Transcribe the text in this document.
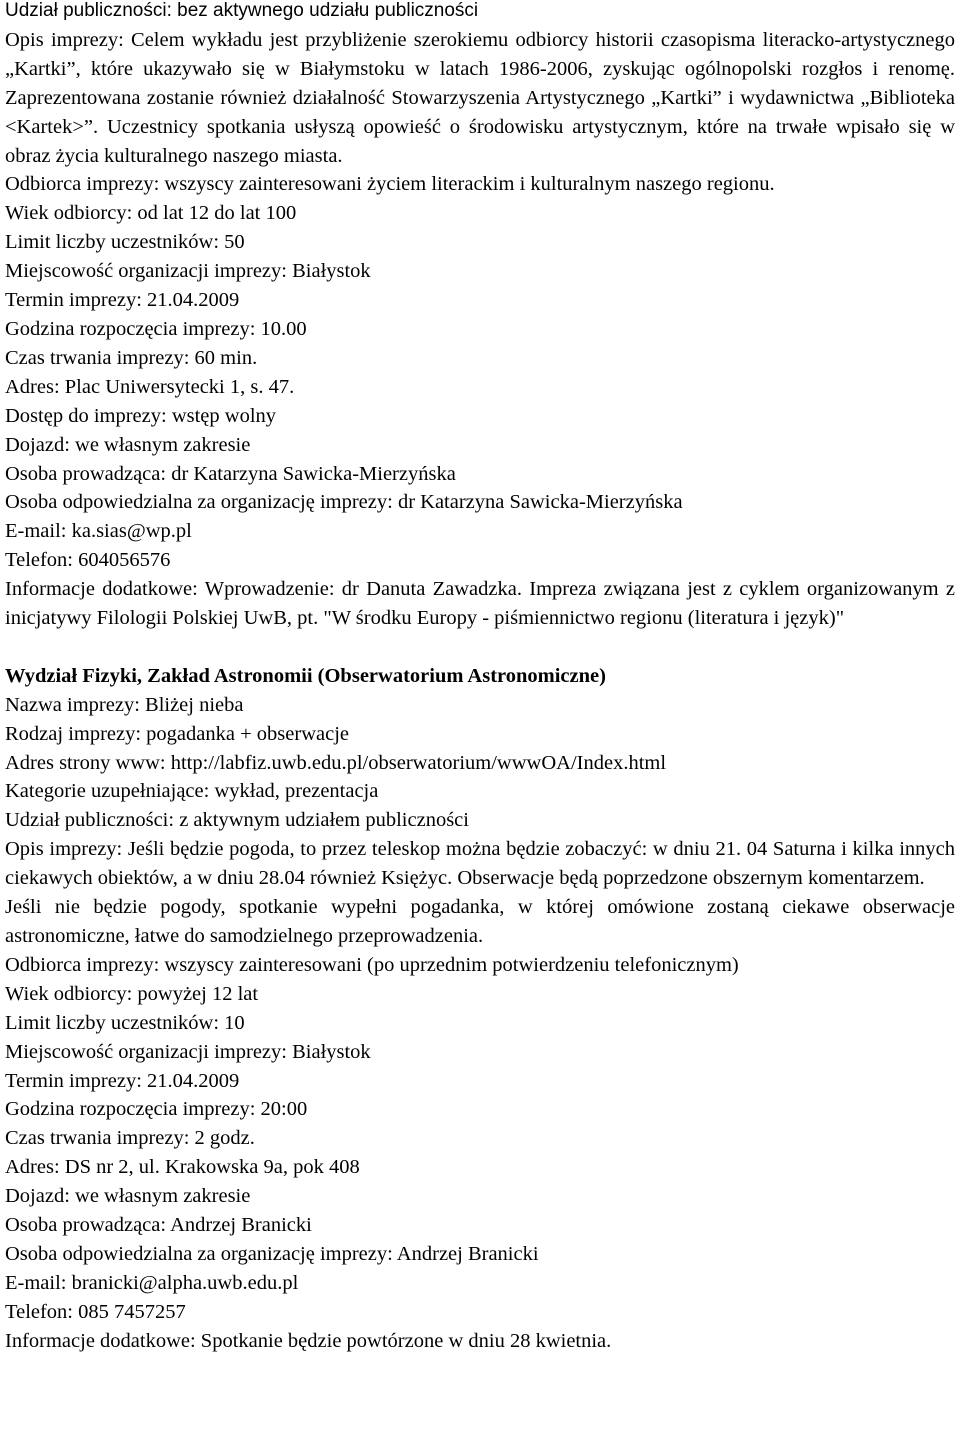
Udział publiczności: bez aktywnego udziału publiczności
Opis imprezy: Celem wykładu jest przybliżenie szerokiemu odbiorcy historii czasopisma literacko-artystycznego „Kartki”, które ukazywało się w Białymstoku w latach 1986-2006, zyskując ogólnopolski rozgłos i renomę. Zaprezentowana zostanie również działalność Stowarzyszenia Artystycznego „Kartki” i wydawnictwa „Biblioteka <Kartek>”. Uczestnicy spotkania usłyszą opowieść o środowisku artystycznym, które na trwałe wpisało się w obraz życia kulturalnego naszego miasta.
Odbiorca imprezy: wszyscy zainteresowani życiem literackim i kulturalnym naszego regionu.
Wiek odbiorcy: od lat 12 do lat 100
Limit liczby uczestników: 50
Miejscowość organizacji imprezy: Białystok
Termin imprezy: 21.04.2009
Godzina rozpoczęcia imprezy: 10.00
Czas trwania imprezy: 60 min.
Adres: Plac Uniwersytecki 1, s. 47.
Dostęp do imprezy: wstęp wolny
Dojazd: we własnym zakresie
Osoba prowadząca: dr Katarzyna Sawicka-Mierzyńska
Osoba odpowiedzialna za organizację imprezy: dr Katarzyna Sawicka-Mierzyńska
E-mail: ka.sias@wp.pl
Telefon: 604056576
Informacje dodatkowe: Wprowadzenie: dr Danuta Zawadzka. Impreza związana jest z cyklem organizowanym z inicjatywy Filologii Polskiej UwB, pt. "W środku Europy - piśmiennictwo regionu (literatura i język)"
Wydział Fizyki, Zakład Astronomii (Obserwatorium Astronomiczne)
Nazwa imprezy: Bliżej nieba
Rodzaj imprezy: pogadanka + obserwacje
Adres strony www: http://labfiz.uwb.edu.pl/obserwatorium/wwwOA/Index.html
Kategorie uzupełniające: wykład, prezentacja
Udział publiczności: z aktywnym udziałem publiczności
Opis imprezy: Jeśli będzie pogoda, to przez teleskop można będzie zobaczyć: w dniu 21. 04 Saturna i kilka innych ciekawych obiektów, a w dniu 28.04 również Księżyc. Obserwacje będą poprzedzone obszernym komentarzem.
Jeśli nie będzie pogody, spotkanie wypełni pogadanka, w której omówione zostaną ciekawe obserwacje astronomiczne, łatwe do samodzielnego przeprowadzenia.
Odbiorca imprezy: wszyscy zainteresowani (po uprzednim potwierdzeniu telefonicznym)
Wiek odbiorcy: powyżej 12 lat
Limit liczby uczestników: 10
Miejscowość organizacji imprezy: Białystok
Termin imprezy: 21.04.2009
Godzina rozpoczęcia imprezy: 20:00
Czas trwania imprezy: 2 godz.
Adres: DS nr 2, ul. Krakowska 9a, pok 408
Dojazd: we własnym zakresie
Osoba prowadząca: Andrzej Branicki
Osoba odpowiedzialna za organizację imprezy: Andrzej Branicki
E-mail: branicki@alpha.uwb.edu.pl
Telefon: 085 7457257
Informacje dodatkowe: Spotkanie będzie powtórzone w dniu 28 kwietnia.
